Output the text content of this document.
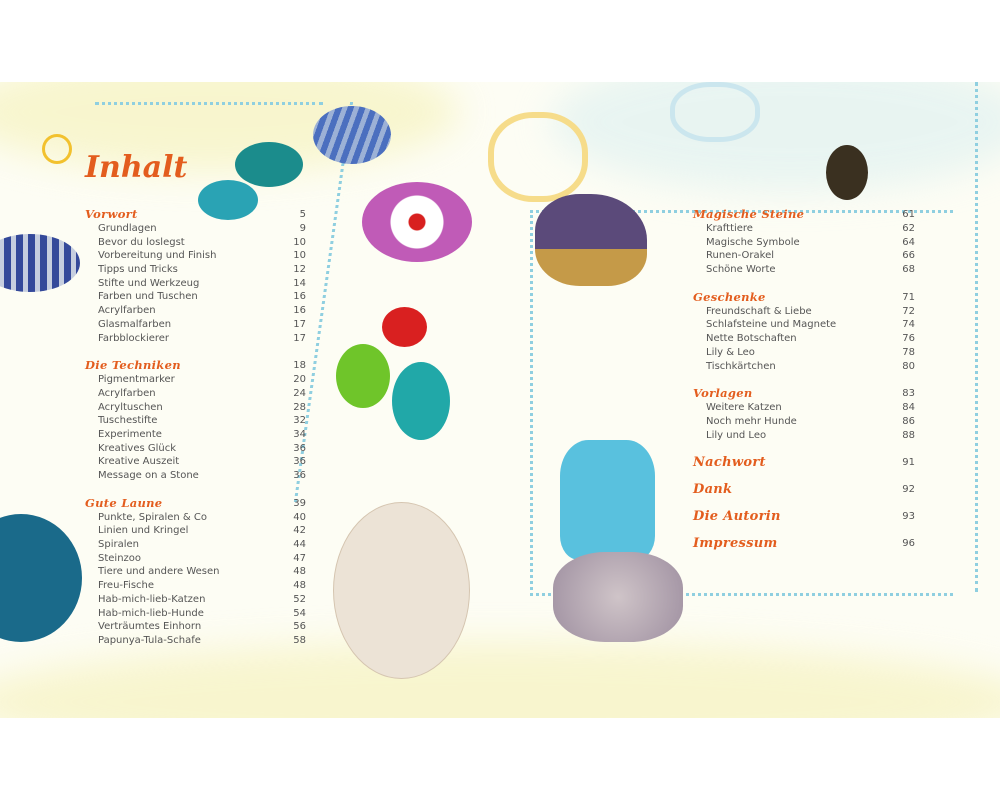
Inhalt
Vorwort	5
Grundlagen	9
Bevor du loslegst	10
Vorbereitung und Finish	10
Tipps und Tricks	12
Stifte und Werkzeug	14
Farben und Tuschen	16
Acrylfarben	16
Glasmalfarben	17
Farbblockierer	17
Die Techniken	18
Pigmentmarker	20
Acrylfarben	24
Acryltuschen	28
Tuschestifte	32
Experimente	34
Kreatives Glück	36
Kreative Auszeit	36
Message on a Stone	36
Gute Laune	39
Punkte, Spiralen & Co	40
Linien und Kringel	42
Spiralen	44
Steinzoo	47
Tiere und andere Wesen	48
Freu-Fische	48
Hab-mich-lieb-Katzen	52
Hab-mich-lieb-Hunde	54
Verträumtes Einhorn	56
Papunya-Tula-Schafe	58
Magische Steine	61
Krafttiere	62
Magische Symbole	64
Runen-Orakel	66
Schöne Worte	68
Geschenke	71
Freundschaft & Liebe	72
Schlafsteine und Magnete	74
Nette Botschaften	76
Lily & Leo	78
Tischkärtchen	80
Vorlagen	83
Weitere Katzen	84
Noch mehr Hunde	86
Lily und Leo	88
Nachwort	91
Dank	92
Die Autorin	93
Impressum	96
